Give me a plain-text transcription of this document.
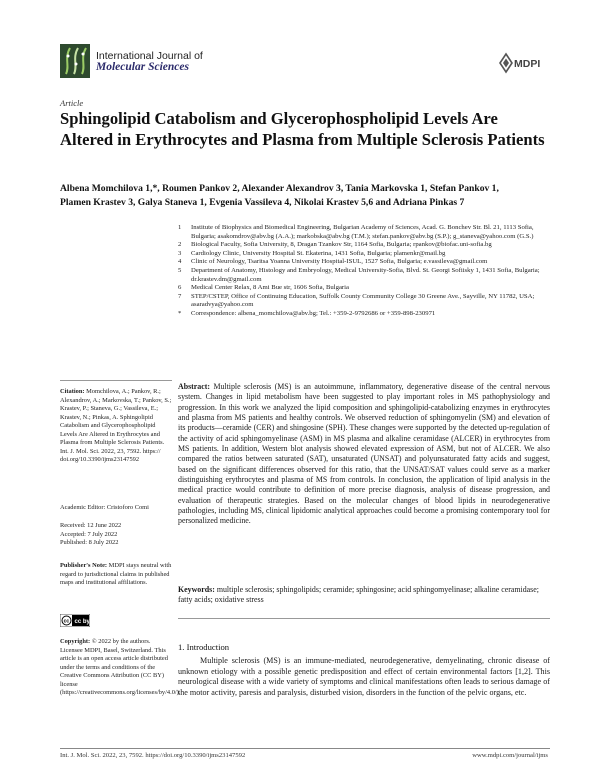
International Journal of
Molecular Sciences	MDPI
Article
Sphingolipid Catabolism and Glycerophospholipid Levels Are Altered in Erythrocytes and Plasma from Multiple Sclerosis Patients
Albena Momchilova 1,*, Roumen Pankov 2, Alexander Alexandrov 3, Tania Markovska 1, Stefan Pankov 1,
Plamen Krastev 3, Galya Staneva 1, Evgenia Vassileva 4, Nikolai Krastev 5,6 and Adriana Pinkas 7
1 Institute of Biophysics and Biomedical Engineering, Bulgarian Academy of Sciences, Acad. G. Bonchev Str. Bl. 21, 1113 Sofia, Bulgaria; asakomdrov@abv.bg (A.A.); markobska@abv.bg (T.M.); stefan.pankov@abv.bg (S.P.); g_staneva@yahoo.com (G.S.)
2 Biological Faculty, Sofia University, 8, Dragan Tzankov Str, 1164 Sofia, Bulgaria; rpankov@biofac.uni-sofia.bg
3 Cardiology Clinic, University Hospital St. Ekaterina, 1431 Sofia, Bulgaria; plamenkr@mail.bg
4 Clinic of Neurology, Tsaritsa Yoanna University Hospital-ISUL, 1527 Sofia, Bulgaria; e.vassileva@gmail.com
5 Department of Anatomy, Histology and Embryology, Medical University-Sofia, Blvd. St. Georgi Sofiisky 1, 1431 Sofia, Bulgaria; dr.krastev.dm@gmail.com
6 Medical Center Relax, 8 Ami Bue str, 1606 Sofia, Bulgaria
7 STEP/CSTEP, Office of Continuing Education, Suffolk County Community College 30 Greene Ave., Sayville, NY 11782, USA; asaradvya@yahoo.com
* Correspondence: albena_momchilova@abv.bg; Tel.: +359-2-9792686 or +359-898-230971
Citation: Momchilova, A.; Pankov, R.; Alexandrov, A.; Markovska, T.; Pankov, S.; Krastev, P.; Staneva, G.; Vassileva, E.; Krastev, N.; Pinkas, A. Sphingolipid Catabolism and Glycerophospholipid Levels Are Altered in Erythrocytes and Plasma from Multiple Sclerosis Patients. Int. J. Mol. Sci. 2022, 23, 7592. https:// doi.org/10.3390/ijms23147592
Academic Editor: Cristoforo Comi
Received: 12 June 2022
Accepted: 7 July 2022
Published: 8 July 2022
Publisher's Note: MDPI stays neutral with regard to jurisdictional claims in published maps and institutional affiliations.
cc cc by
Copyright: © 2022 by the authors. Licensee MDPI, Basel, Switzerland. This article is an open access article distributed under the terms and conditions of the Creative Commons Attribution (CC BY) license (https://creativecommons.org/licenses/by/4.0/).
Abstract: Multiple sclerosis (MS) is an autoimmune, inflammatory, degenerative disease of the central nervous system. Changes in lipid metabolism have been suggested to play important roles in MS pathophysiology and progression. In this work we analyzed the lipid composition and sphingolipid-catabolizing enzymes in erythrocytes and plasma from MS patients and healthy controls. We observed reduction of sphingomyelin (SM) and elevation of its products—ceramide (CER) and shingosine (SPH). These changes were supported by the detected up-regulation of the activity of acid sphingomyelinase (ASM) in MS plasma and alkaline ceramidase (ALCER) in erythrocytes from MS patients. In addition, Western blot analysis showed elevated expression of ASM, but not of ALCER. We also compared the ratios between saturated (SAT), unsaturated (UNSAT) and polyunsaturated fatty acids and suggest, based on the significant differences observed for this ratio, that the UNSAT/SAT values could serve as a marker distinguishing erythrocytes and plasma of MS from controls. In conclusion, the application of lipid analysis in the medical practice would contribute to definition of more precise diagnosis, analysis of disease progression, and evaluation of therapeutic strategies. Based on the molecular changes of blood lipids in neurodegenerative pathologies, including MS, clinical lipidomic analytical approaches could become a promising contemporary tool for personalized medicine.
Keywords: multiple sclerosis; sphingolipids; ceramide; sphingosine; acid sphingomyelinase; alkaline ceramidase; fatty acids; oxidative stress
1. Introduction
Multiple sclerosis (MS) is an immune-mediated, neurodegenerative, demyelinating, chronic disease of unknown etiology with a possible genetic predisposition and effect of certain environmental factors [1,2]. This neurological disease with a wide variety of symptoms and clinical manifestations often leads to serious damage of the motor activity, paresis and paralysis, disturbed vision, disorders in the function of the pelvic organs, etc.
Int. J. Mol. Sci. 2022, 23, 7592. https://doi.org/10.3390/ijms23147592	www.mdpi.com/journal/ijms
